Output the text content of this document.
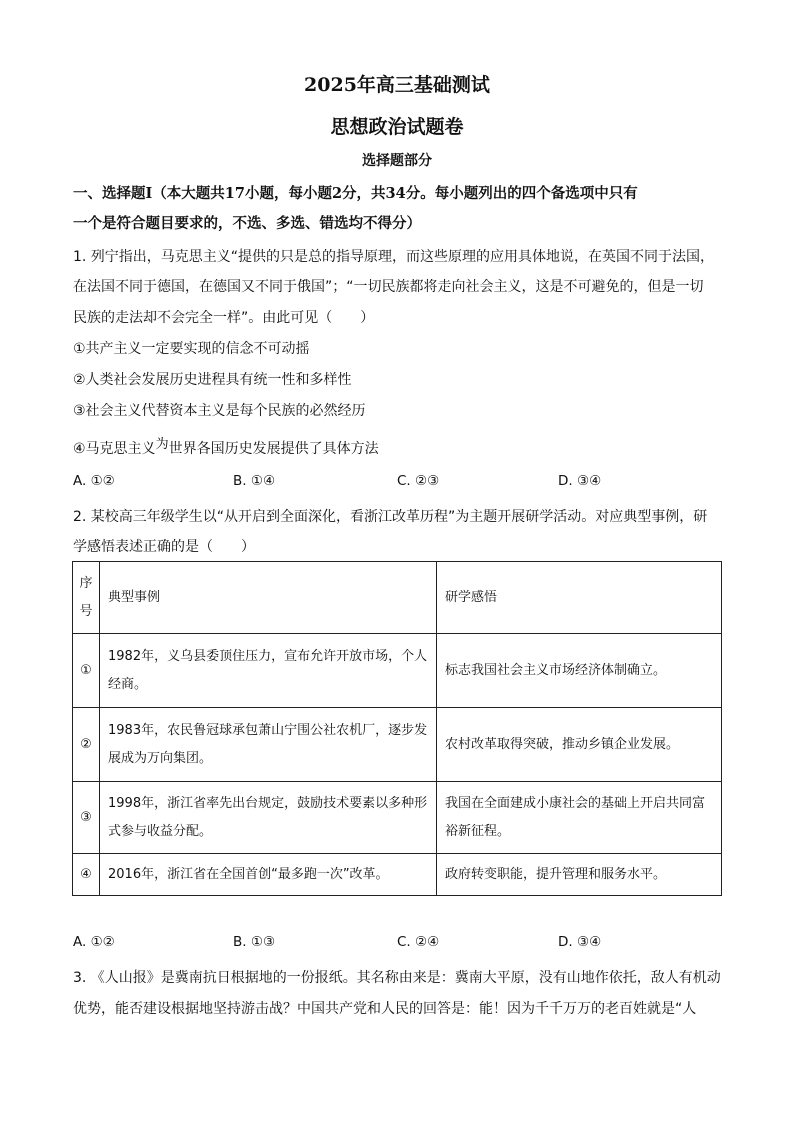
2025年高三基础测试
思想政治试题卷
选择题部分
一、选择题Ⅰ（本大题共17小题，每小题2分，共34分。每小题列出的四个备选项中只有
一个是符合题目要求的，不选、多选、错选均不得分）
1. 列宁指出，马克思主义“提供的只是总的指导原理，而这些原理的应用具体地说，在英国不同于法国，
在法国不同于德国，在德国又不同于俄国”；“一切民族都将走向社会主义，这是不可避免的，但是一切
民族的走法却不会完全一样”。由此可见（　　）
①共产主义一定要实现的信念不可动摇
②人类社会发展历史进程具有统一性和多样性
③社会主义代替资本主义是每个民族的必然经历
④马克思主义为世界各国历史发展提供了具体方法
A. ①②	B. ①④	C. ②③	D. ③④
2. 某校高三年级学生以“从开启到全面深化，看浙江改革历程”为主题开展研学活动。对应典型事例，研
学感悟表述正确的是（　　）
序号	典型事例	研学感悟
①	1982年，义乌县委顶住压力，宣布允许开放市场，个人经商。	标志我国社会主义市场经济体制确立。
②	1983年，农民鲁冠球承包萧山宁围公社农机厂，逐步发展成为万向集团。	农村改革取得突破，推动乡镇企业发展。
③	1998年，浙江省率先出台规定，鼓励技术要素以多种形式参与收益分配。	我国在全面建成小康社会的基础上开启共同富裕新征程。
④	2016年，浙江省在全国首创“最多跑一次”改革。	政府转变职能，提升管理和服务水平。
A. ①②	B. ①③	C. ②④	D. ③④
3. 《人山报》是冀南抗日根据地的一份报纸。其名称由来是：冀南大平原，没有山地作依托，敌人有机动
优势，能否建设根据地坚持游击战？中国共产党和人民的回答是：能！因为千千万万的老百姓就是“人
